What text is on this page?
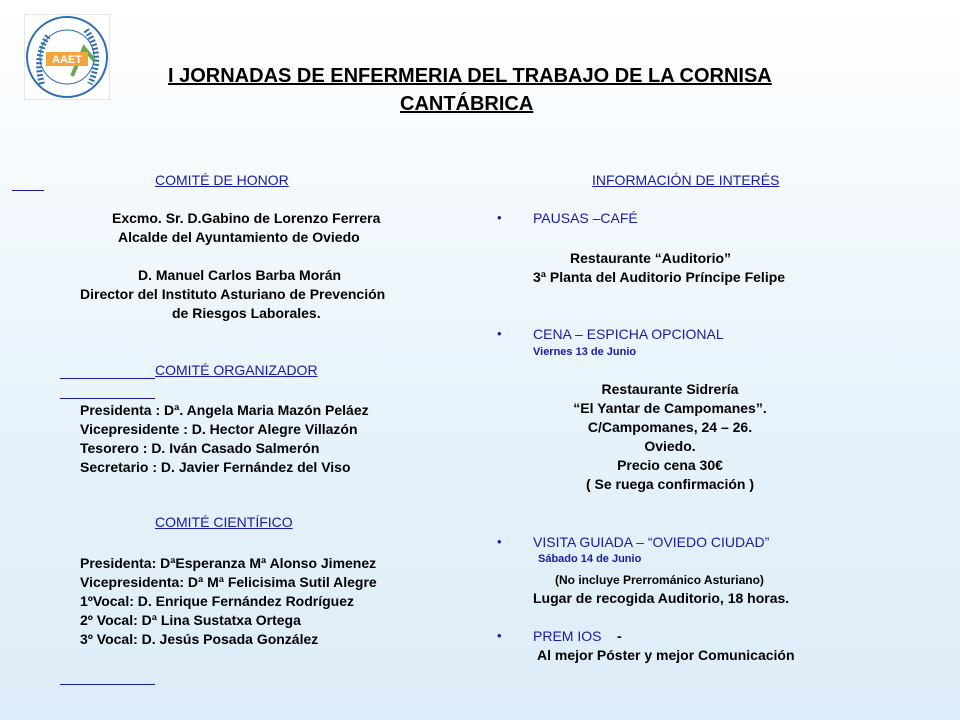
AAET
I JORNADAS DE ENFERMERIA DEL TRABAJO DE LA CORNISA
CANTÁBRICA
COMITÉ DE HONOR
Excmo. Sr. D.Gabino de Lorenzo Ferrera
Alcalde del Ayuntamiento de Oviedo
D. Manuel Carlos Barba Morán
Director del Instituto Asturiano de Prevención
de Riesgos Laborales.
COMITÉ ORGANIZADOR
Presidenta : Dª. Angela Maria Mazón Peláez
Vicepresidente : D. Hector Alegre Villazón
Tesorero : D. Iván Casado Salmerón
Secretario : D. Javier Fernández del Viso
COMITÉ CIENTÍFICO
Presidenta: DªEsperanza Mª Alonso Jimenez
Vicepresidenta: Dª Mª Felicisima Sutil Alegre
1ºVocal: D. Enrique Fernández Rodríguez
2º Vocal: Dª Lina Sustatxa Ortega
3º Vocal: D. Jesús Posada González
INFORMACIÓN DE INTERÉS
• PAUSAS –CAFÉ
Restaurante “Auditorio”
3ª Planta del Auditorio Príncipe Felipe
• CENA – ESPICHA OPCIONAL
Viernes 13 de Junio
Restaurante Sidrería
“El Yantar de Campomanes”.
C/Campomanes, 24 – 26.
Oviedo.
Precio cena 30€
( Se ruega confirmación )
• VISITA GUIADA – “OVIEDO CIUDAD”
Sábado 14 de Junio
(No incluye Prerrománico Asturiano)
Lugar de recogida Auditorio, 18 horas.
• PREM IOS -
Al mejor Póster y mejor Comunicación
